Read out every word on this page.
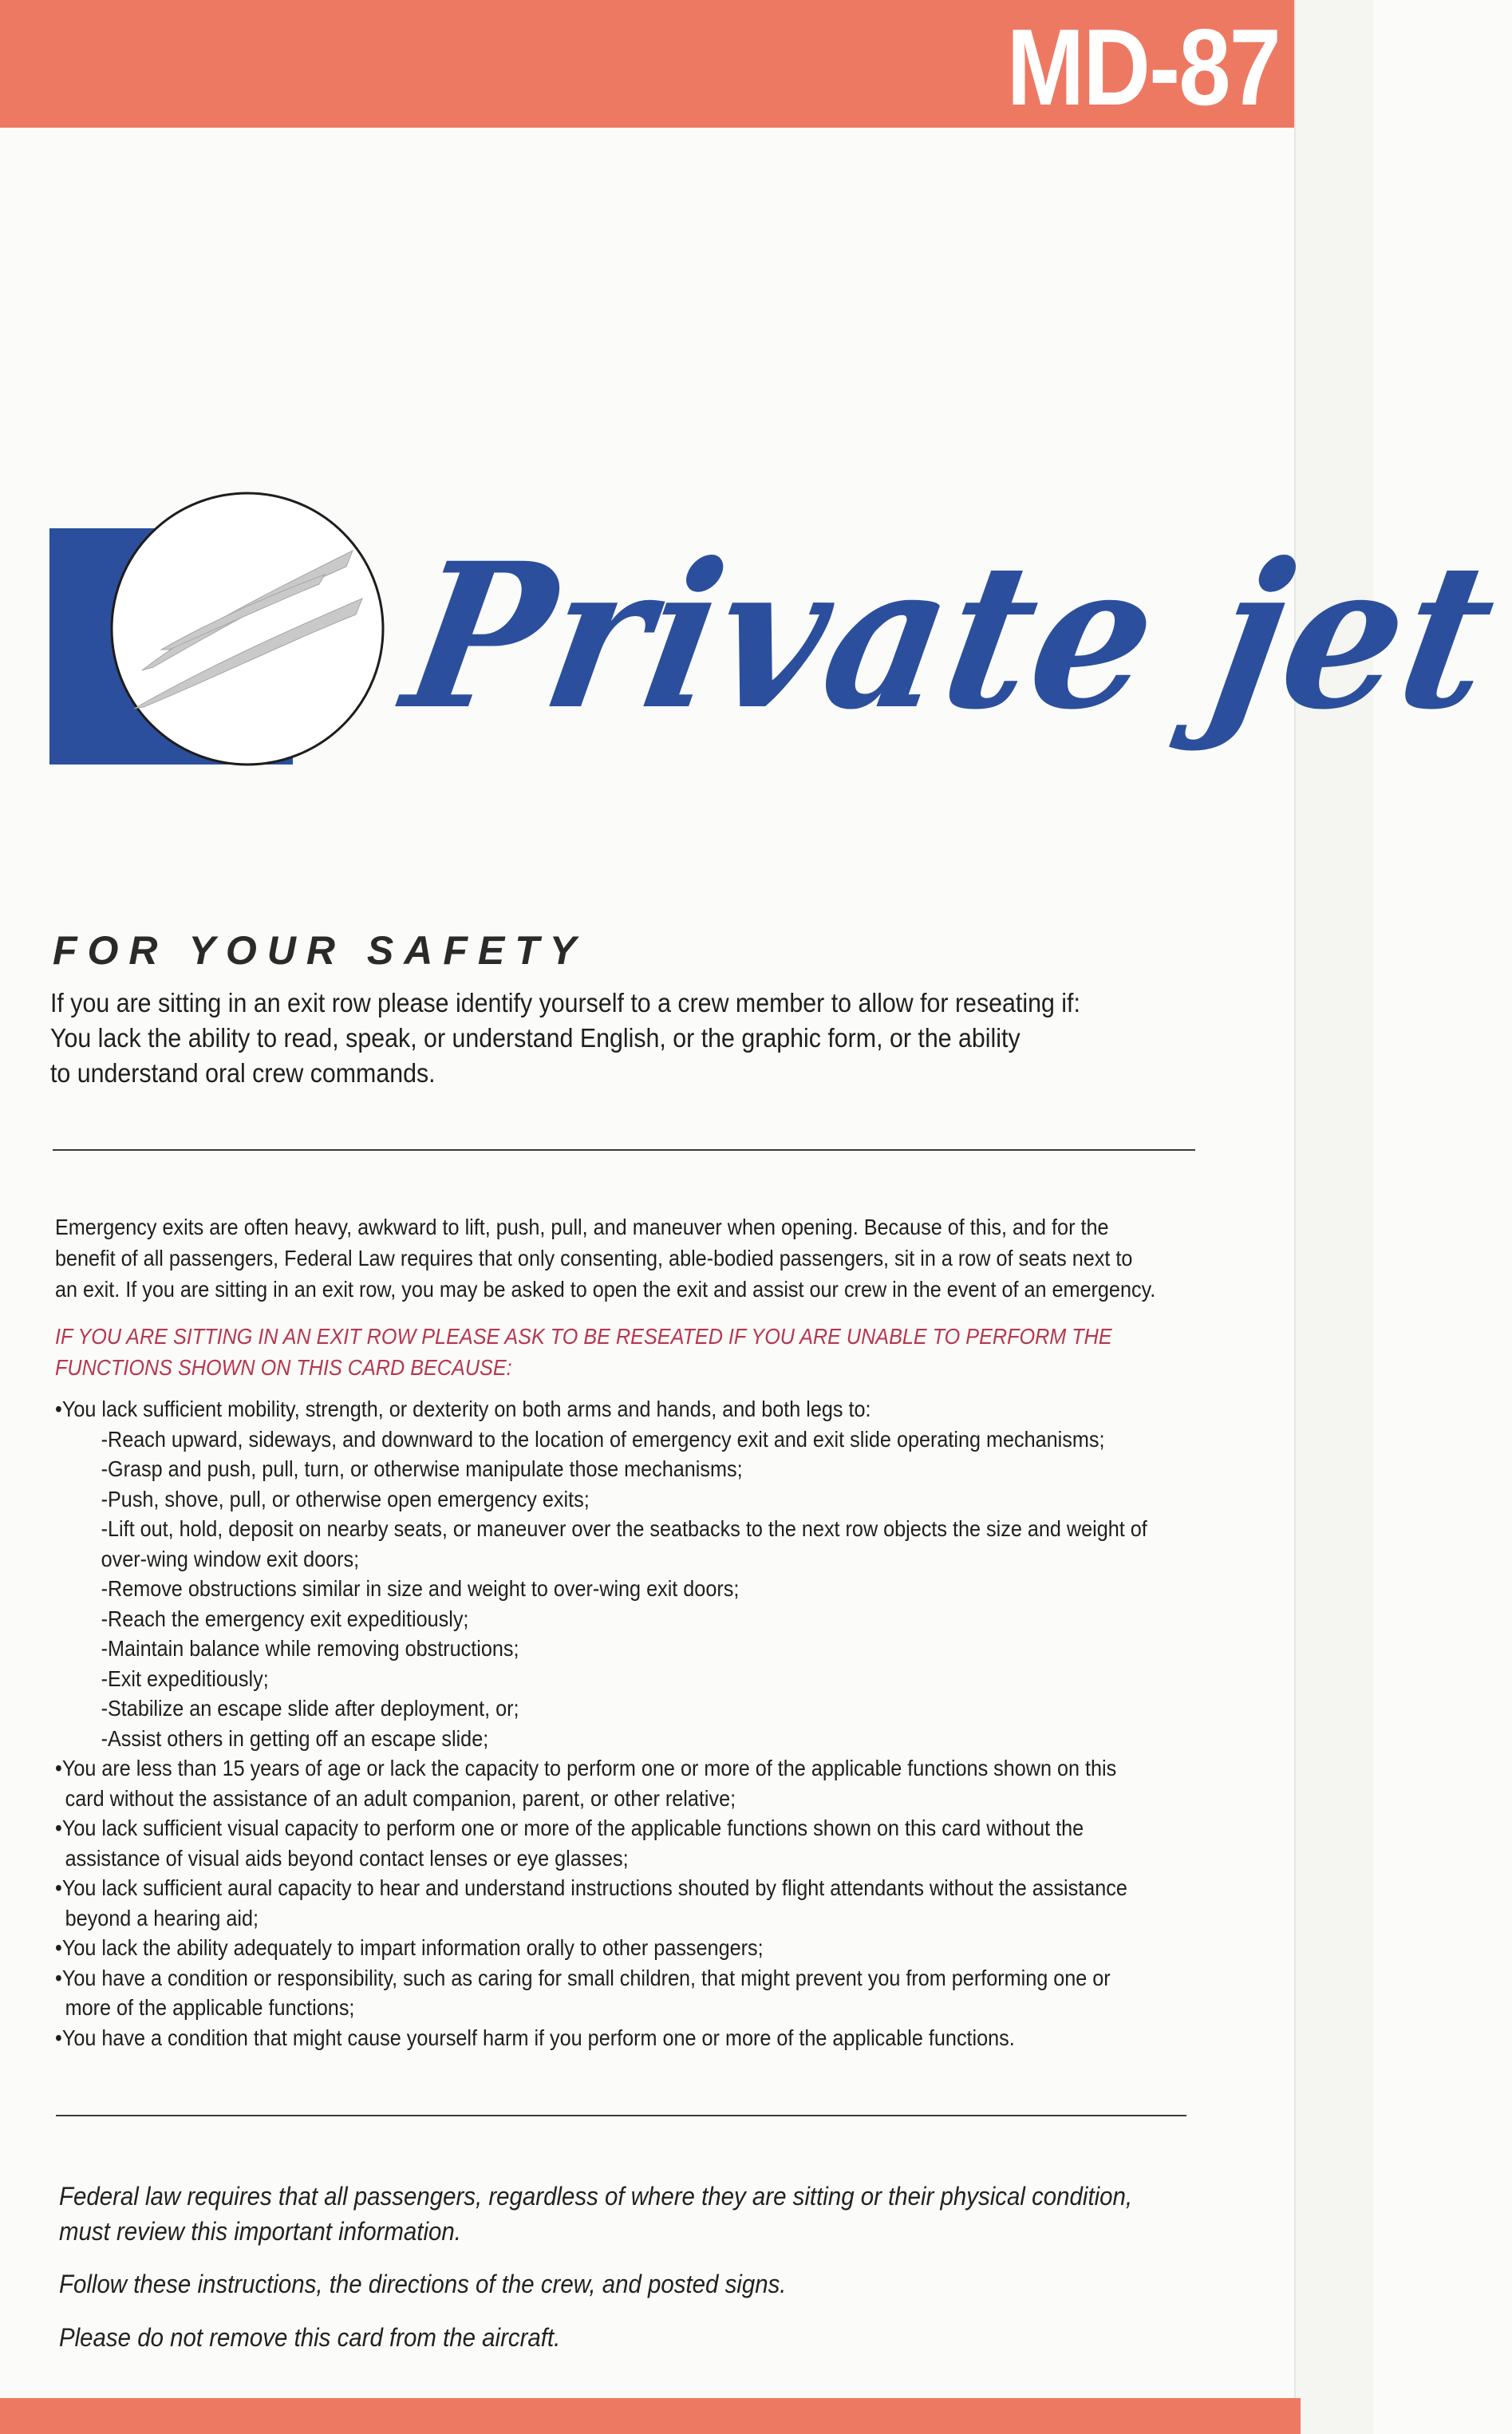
MD-87
Private jet
FOR YOUR SAFETY
If you are sitting in an exit row please identify yourself to a crew member to allow for reseating if:
You lack the ability to read, speak, or understand English, or the graphic form, or the ability
to understand oral crew commands.
Emergency exits are often heavy, awkward to lift, push, pull, and maneuver when opening. Because of this, and for the
benefit of all passengers, Federal Law requires that only consenting, able-bodied passengers, sit in a row of seats next to
an exit. If you are sitting in an exit row, you may be asked to open the exit and assist our crew in the event of an emergency.
IF YOU ARE SITTING IN AN EXIT ROW PLEASE ASK TO BE RESEATED IF YOU ARE UNABLE TO PERFORM THE
FUNCTIONS SHOWN ON THIS CARD BECAUSE:
•You lack sufficient mobility, strength, or dexterity on both arms and hands, and both legs to:
-Reach upward, sideways, and downward to the location of emergency exit and exit slide operating mechanisms;
-Grasp and push, pull, turn, or otherwise manipulate those mechanisms;
-Push, shove, pull, or otherwise open emergency exits;
-Lift out, hold, deposit on nearby seats, or maneuver over the seatbacks to the next row objects the size and weight of
over-wing window exit doors;
-Remove obstructions similar in size and weight to over-wing exit doors;
-Reach the emergency exit expeditiously;
-Maintain balance while removing obstructions;
-Exit expeditiously;
-Stabilize an escape slide after deployment, or;
-Assist others in getting off an escape slide;
•You are less than 15 years of age or lack the capacity to perform one or more of the applicable functions shown on this
card without the assistance of an adult companion, parent, or other relative;
•You lack sufficient visual capacity to perform one or more of the applicable functions shown on this card without the
assistance of visual aids beyond contact lenses or eye glasses;
•You lack sufficient aural capacity to hear and understand instructions shouted by flight attendants without the assistance
beyond a hearing aid;
•You lack the ability adequately to impart information orally to other passengers;
•You have a condition or responsibility, such as caring for small children, that might prevent you from performing one or
more of the applicable functions;
•You have a condition that might cause yourself harm if you perform one or more of the applicable functions.
Federal law requires that all passengers, regardless of where they are sitting or their physical condition,
must review this important information.
Follow these instructions, the directions of the crew, and posted signs.
Please do not remove this card from the aircraft.
